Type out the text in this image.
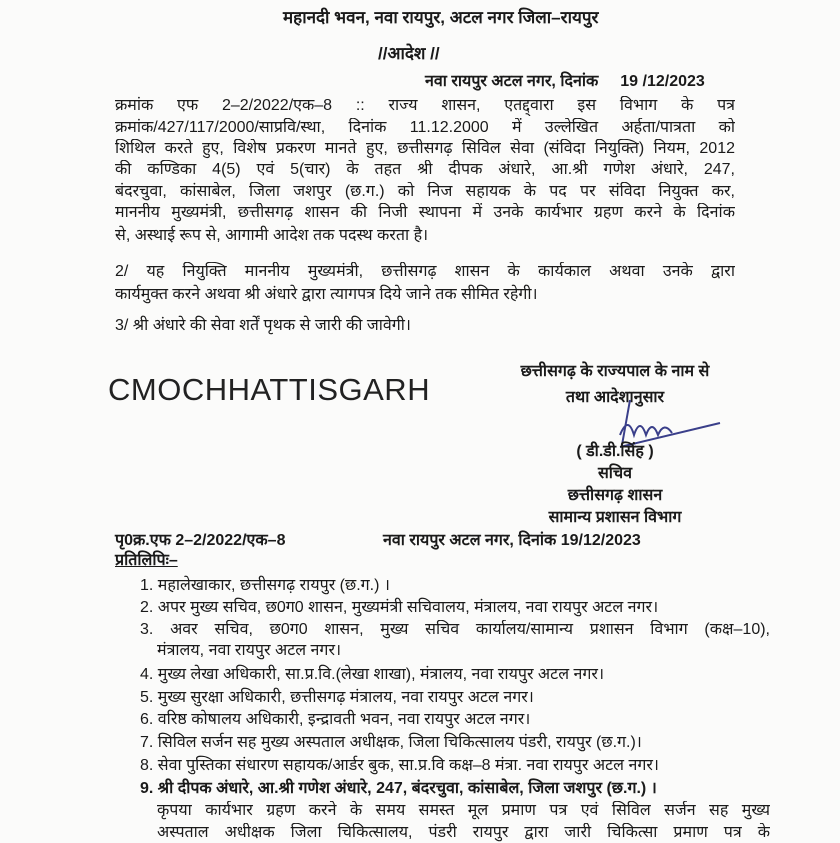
महानदी भवन, नवा रायपुर, अटल नगर जिला–रायपुर
//आदेश //
नवा रायपुर अटल नगर, दिनांक 19 /12/2023
क्रमांक एफ 2–2/2022/एक–8 :: राज्य शासन, एतद्द्वारा इस विभाग के पत्र
क्रमांक/427/117/2000/साप्रवि/स्था, दिनांक 11.12.2000 में उल्लेखित अर्हता/पात्रता को
शिथिल करते हुए, विशेष प्रकरण मानते हुए, छत्तीसगढ़ सिविल सेवा (संविदा नियुक्ति) नियम, 2012
की कण्डिका 4(5) एवं 5(चार) के तहत श्री दीपक अंधारे, आ.श्री गणेश अंधारे, 247,
बंदरचुवा, कांसाबेल, जिला जशपुर (छ.ग.) को निज सहायक के पद पर संविदा नियुक्त कर,
माननीय मुख्यमंत्री, छत्तीसगढ़ शासन की निजी स्थापना में उनके कार्यभार ग्रहण करने के दिनांक
से, अस्थाई रूप से, आगामी आदेश तक पदस्थ करता है।
2/ यह नियुक्ति माननीय मुख्यमंत्री, छत्तीसगढ़ शासन के कार्यकाल अथवा उनके द्वारा
कार्यमुक्त करने अथवा श्री अंधारे द्वारा त्यागपत्र दिये जाने तक सीमित रहेगी।
3/ श्री अंधारे की सेवा शर्तें पृथक से जारी की जावेगी।
CMOCHHATTISGARH
छत्तीसगढ़ के राज्यपाल के नाम से
तथा आदेशानुसार
( डी.डी.सिंह )
सचिव
छत्तीसगढ़ शासन
सामान्य प्रशासन विभाग
पृ0क्र.एफ 2–2/2022/एक–8	नवा रायपुर अटल नगर, दिनांक 19/12/2023
प्रतिलिपिः–
1. महालेखाकार, छत्तीसगढ़ रायपुर (छ.ग.) ।
2. अपर मुख्य सचिव, छ0ग0 शासन, मुख्यमंत्री सचिवालय, मंत्रालय, नवा रायपुर अटल नगर।
3. अवर सचिव, छ0ग0 शासन, मुख्य सचिव कार्यालय/सामान्य प्रशासन विभाग (कक्ष–10),
मंत्रालय, नवा रायपुर अटल नगर।
4. मुख्य लेखा अधिकारी, सा.प्र.वि.(लेखा शाखा), मंत्रालय, नवा रायपुर अटल नगर।
5. मुख्य सुरक्षा अधिकारी, छत्तीसगढ़ मंत्रालय, नवा रायपुर अटल नगर।
6. वरिष्ठ कोषालय अधिकारी, इन्द्रावती भवन, नवा रायपुर अटल नगर।
7. सिविल सर्जन सह मुख्य अस्पताल अधीक्षक, जिला चिकित्सालय पंडरी, रायपुर (छ.ग.)।
8. सेवा पुस्तिका संधारण सहायक/आर्डर बुक, सा.प्र.वि कक्ष–8 मंत्रा. नवा रायपुर अटल नगर।
9. श्री दीपक अंधारे, आ.श्री गणेश अंधारे, 247, बंदरचुवा, कांसाबेल, जिला जशपुर (छ.ग.) ।
कृपया कार्यभार ग्रहण करने के समय समस्त मूल प्रमाण पत्र एवं सिविल सर्जन सह मुख्य
अस्पताल अधीक्षक जिला चिकित्सालय, पंडरी रायपुर द्वारा जारी चिकित्सा प्रमाण पत्र के
